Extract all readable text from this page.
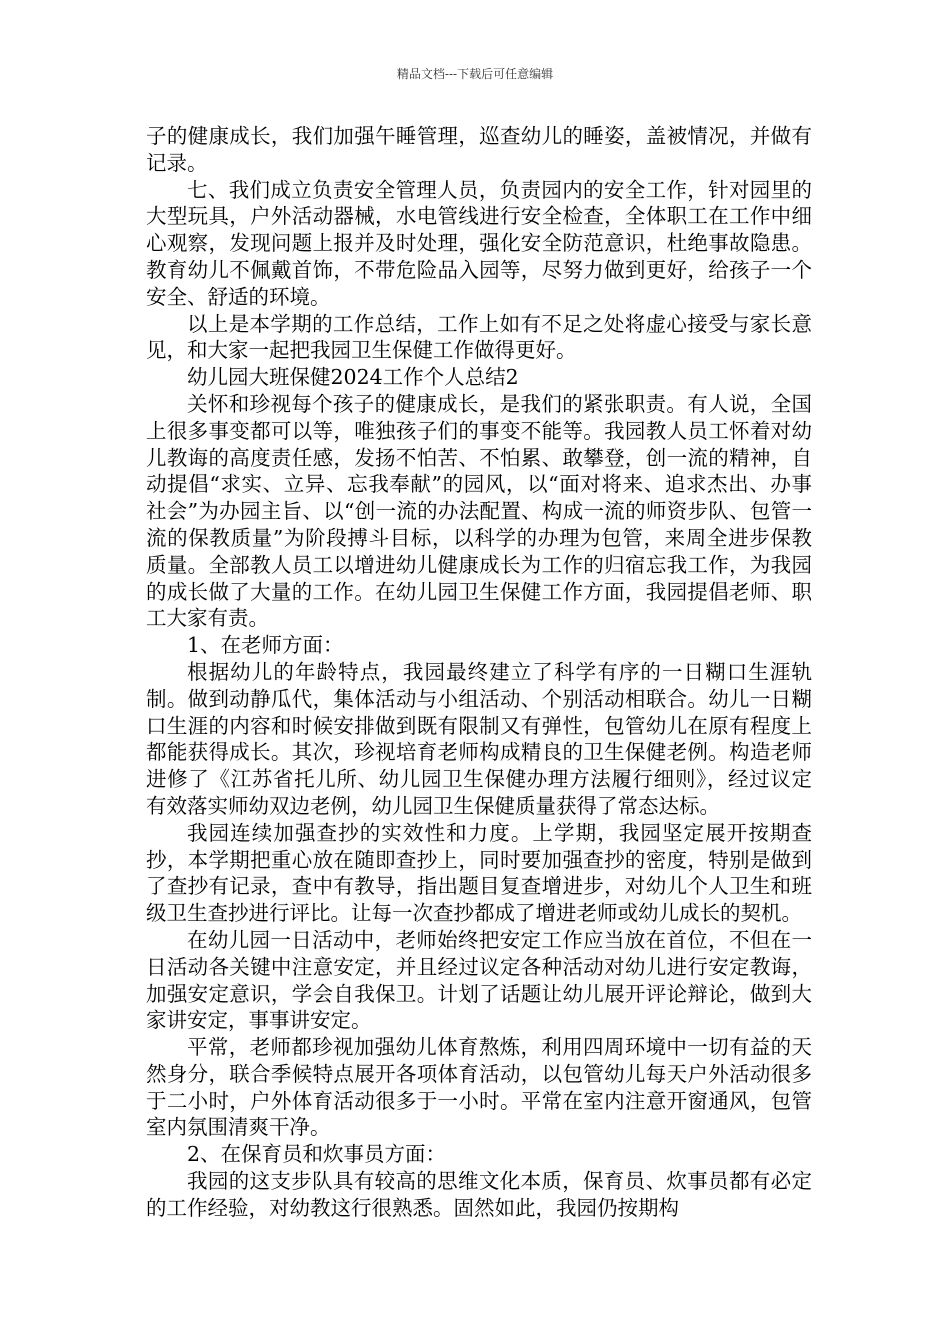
精品文档---下载后可任意编辑

子的健康成长，我们加强午睡管理，巡查幼儿的睡姿，盖被情况，并做有记录。

七、我们成立负责安全管理人员，负责园内的安全工作，针对园里的大型玩具，户外活动器械，水电管线进行安全检查，全体职工在工作中细心观察，发现问题上报并及时处理，强化安全防范意识，杜绝事故隐患。教育幼儿不佩戴首饰，不带危险品入园等，尽努力做到更好，给孩子一个安全、舒适的环境。

以上是本学期的工作总结，工作上如有不足之处将虚心接受与家长意见，和大家一起把我园卫生保健工作做得更好。

幼儿园大班保健2024工作个人总结2

关怀和珍视每个孩子的健康成长，是我们的紧张职责。有人说，全国上很多事变都可以等，唯独孩子们的事变不能等。我园教人员工怀着对幼儿教诲的高度责任感，发扬不怕苦、不怕累、敢攀登，创一流的精神，自动提倡“求实、立异、忘我奉献”的园风，以“面对将来、追求杰出、办事社会”为办园主旨、以“创一流的办法配置、构成一流的师资步队、包管一流的保教质量”为阶段搏斗目标，以科学的办理为包管，来周全进步保教质量。全部教人员工以增进幼儿健康成长为工作的归宿忘我工作，为我园的成长做了大量的工作。在幼儿园卫生保健工作方面，我园提倡老师、职工大家有责。

1、在老师方面：

根据幼儿的年龄特点，我园最终建立了科学有序的一日糊口生涯轨制。做到动静瓜代，集体活动与小组活动、个别活动相联合。幼儿一日糊口生涯的内容和时候安排做到既有限制又有弹性，包管幼儿在原有程度上都能获得成长。其次，珍视培育老师构成精良的卫生保健老例。构造老师进修了《江苏省托儿所、幼儿园卫生保健办理方法履行细则》，经过议定有效落实师幼双边老例，幼儿园卫生保健质量获得了常态达标。

我园连续加强查抄的实效性和力度。上学期，我园坚定展开按期查抄，本学期把重心放在随即查抄上，同时要加强查抄的密度，特别是做到了查抄有记录，查中有教导，指出题目复查增进步，对幼儿个人卫生和班级卫生查抄进行评比。让每一次查抄都成了增进老师或幼儿成长的契机。

在幼儿园一日活动中，老师始终把安定工作应当放在首位，不但在一日活动各关键中注意安定，并且经过议定各种活动对幼儿进行安定教诲，加强安定意识，学会自我保卫。计划了话题让幼儿展开评论辩论，做到大家讲安定，事事讲安定。

平常，老师都珍视加强幼儿体育熬炼，利用四周环境中一切有益的天然身分，联合季候特点展开各项体育活动，以包管幼儿每天户外活动很多于二小时，户外体育活动很多于一小时。平常在室内注意开窗通风，包管室内氛围清爽干净。

2、在保育员和炊事员方面：

我园的这支步队具有较高的思维文化本质，保育员、炊事员都有必定的工作经验，对幼教这行很熟悉。固然如此，我园仍按期构
